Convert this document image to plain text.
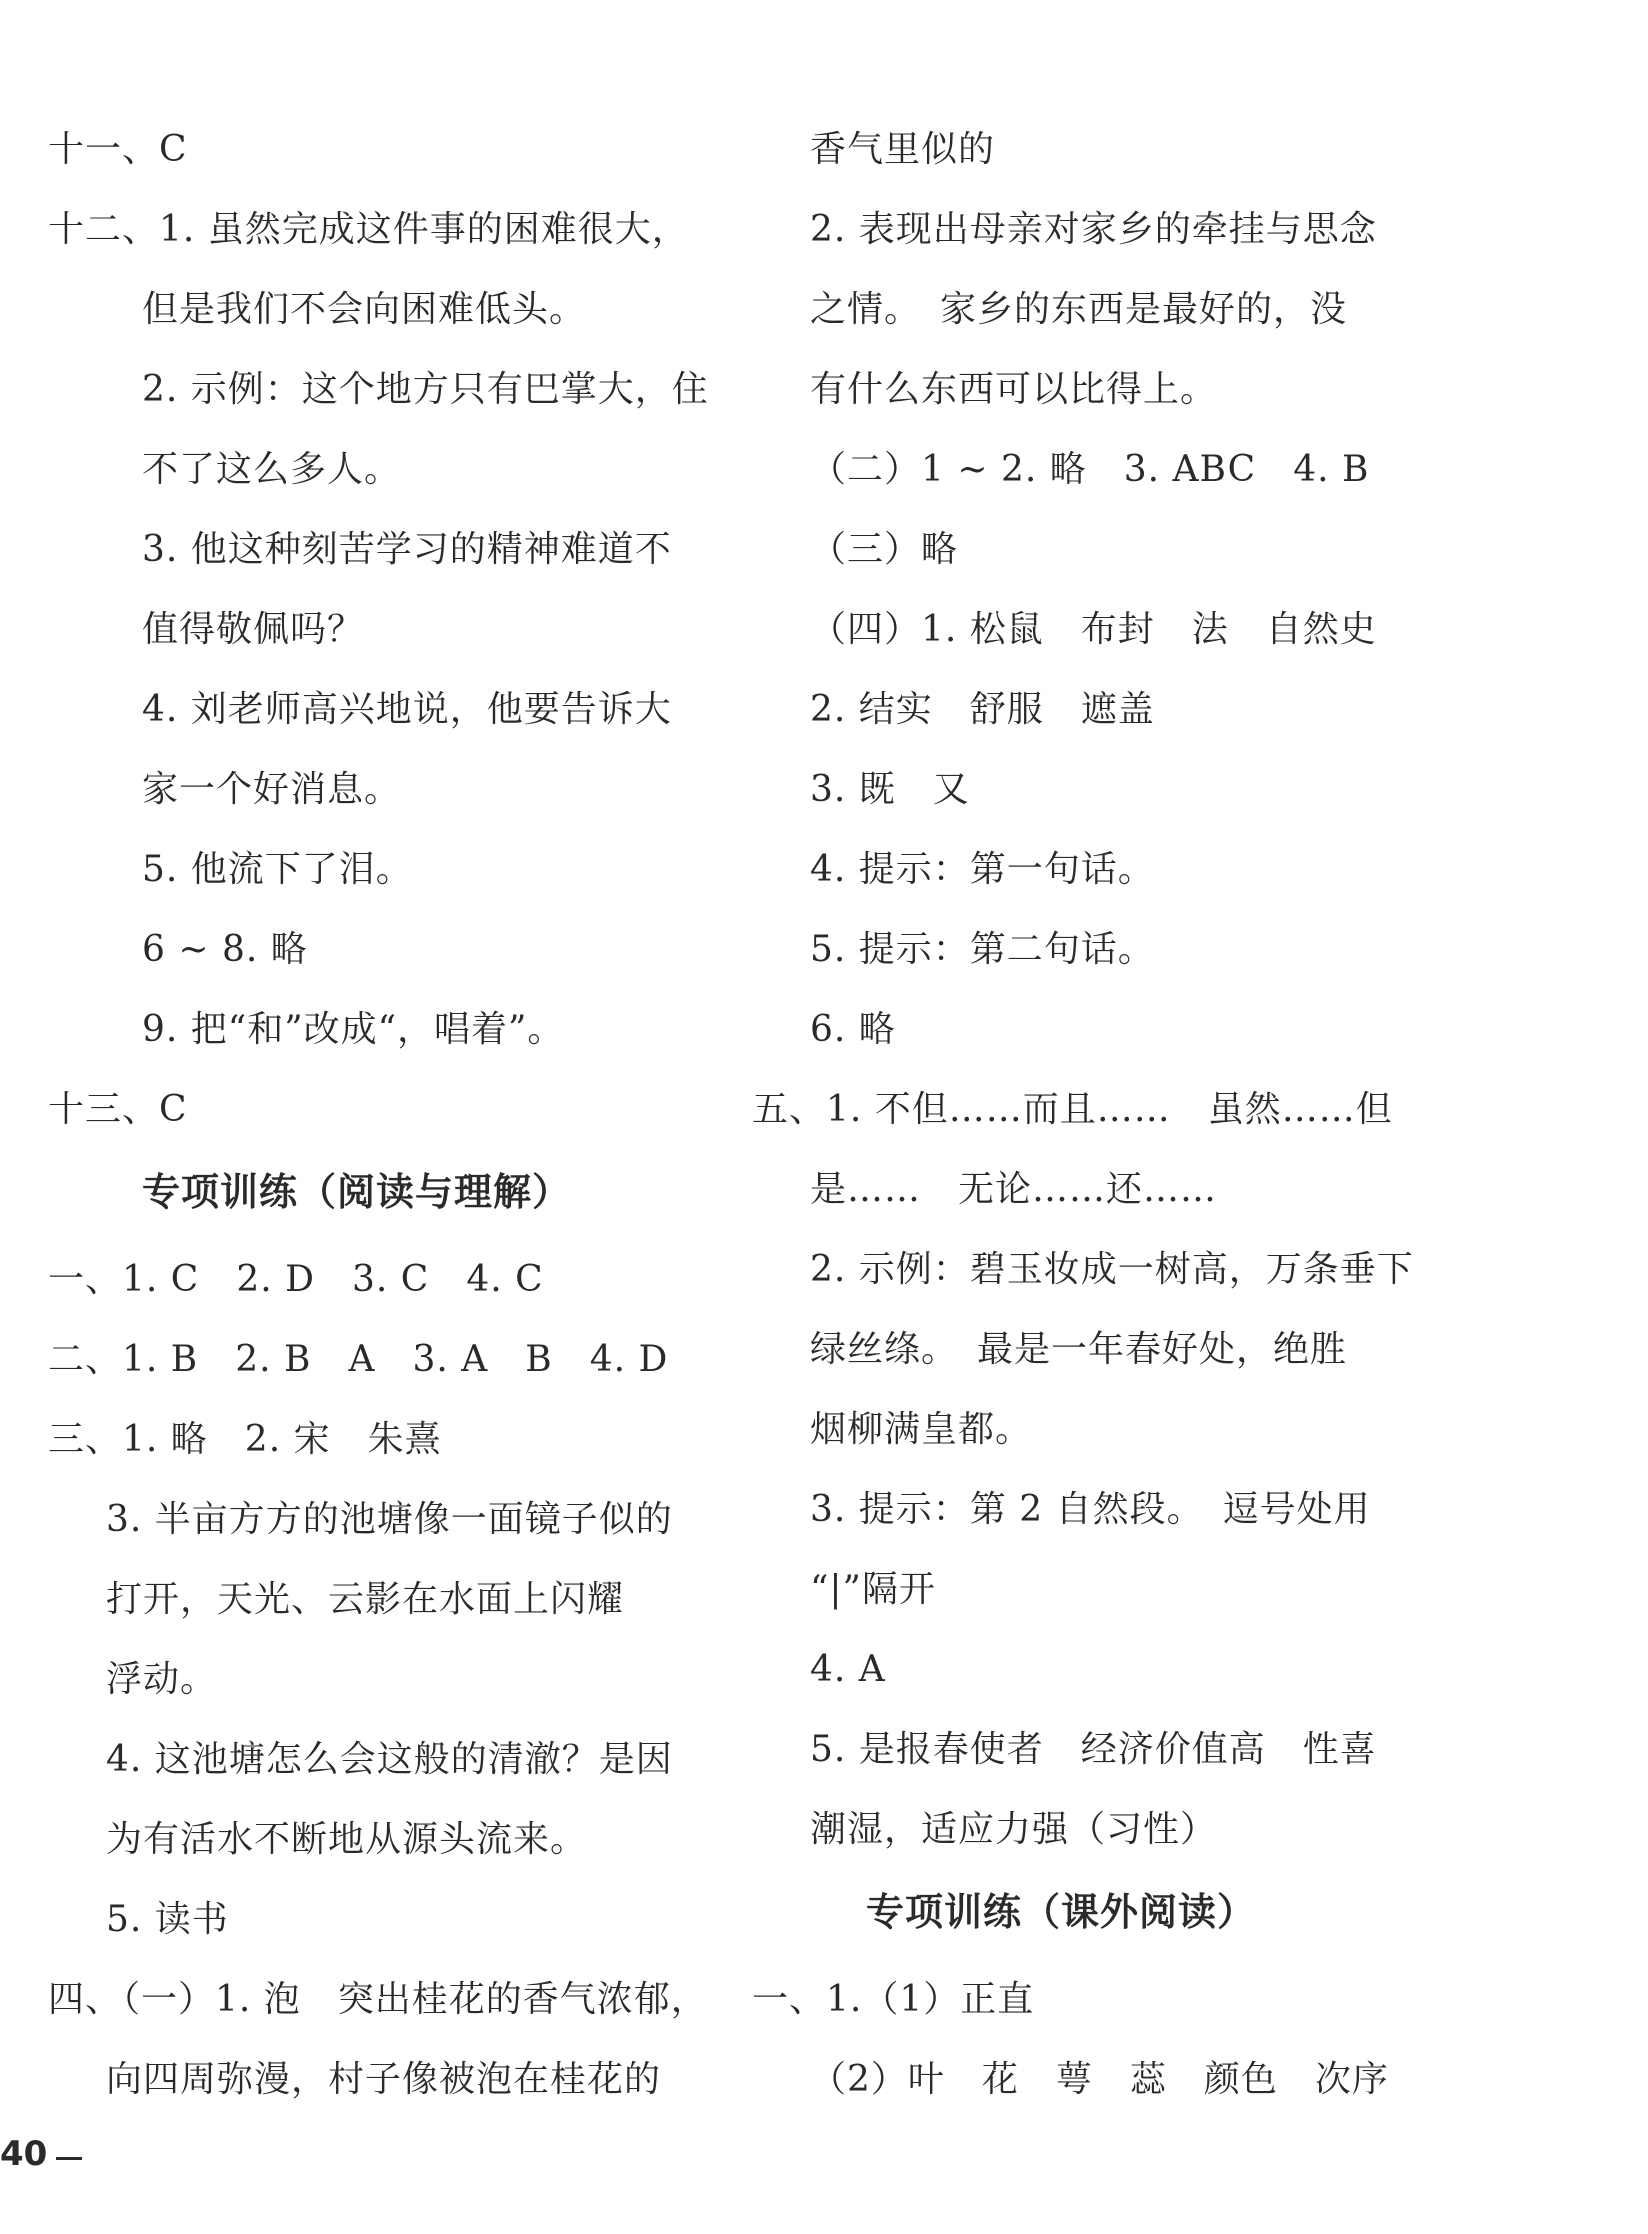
十一、C
十二、1. 虽然完成这件事的困难很大，
但是我们不会向困难低头。
2. 示例：这个地方只有巴掌大，住
不了这么多人。
3. 他这种刻苦学习的精神难道不
值得敬佩吗？
4. 刘老师高兴地说，他要告诉大
家一个好消息。
5. 他流下了泪。
6 ~ 8. 略
9. 把“和”改成“，唱着”。
十三、C
专项训练（阅读与理解）
一、1. C　2. D　3. C　4. C
二、1. B　2. B　A　3. A　B　4. D
三、1. 略　2. 宋　朱熹
3. 半亩方方的池塘像一面镜子似的
打开，天光、云影在水面上闪耀
浮动。
4. 这池塘怎么会这般的清澈？是因
为有活水不断地从源头流来。
5. 读书
四、（一）1. 泡　突出桂花的香气浓郁，
向四周弥漫，村子像被泡在桂花的
香气里似的
2. 表现出母亲对家乡的牵挂与思念
之情。　家乡的东西是最好的，没
有什么东西可以比得上。
（二）1 ~ 2. 略　3. ABC　4. B
（三）略
（四）1. 松鼠　布封　法　自然史
2. 结实　舒服　遮盖
3. 既　又
4. 提示：第一句话。
5. 提示：第二句话。
6. 略
五、1. 不但……而且……　虽然……但
是……　无论……还……
2. 示例：碧玉妆成一树高，万条垂下
绿丝绦。　最是一年春好处，绝胜
烟柳满皇都。
3. 提示：第 2 自然段。　逗号处用
“|”隔开
4. A
5. 是报春使者　经济价值高　性喜
潮湿，适应力强（习性）
专项训练（课外阅读）
一、1.（1）正直
（2）叶　花　萼　蕊　颜色　次序
40
